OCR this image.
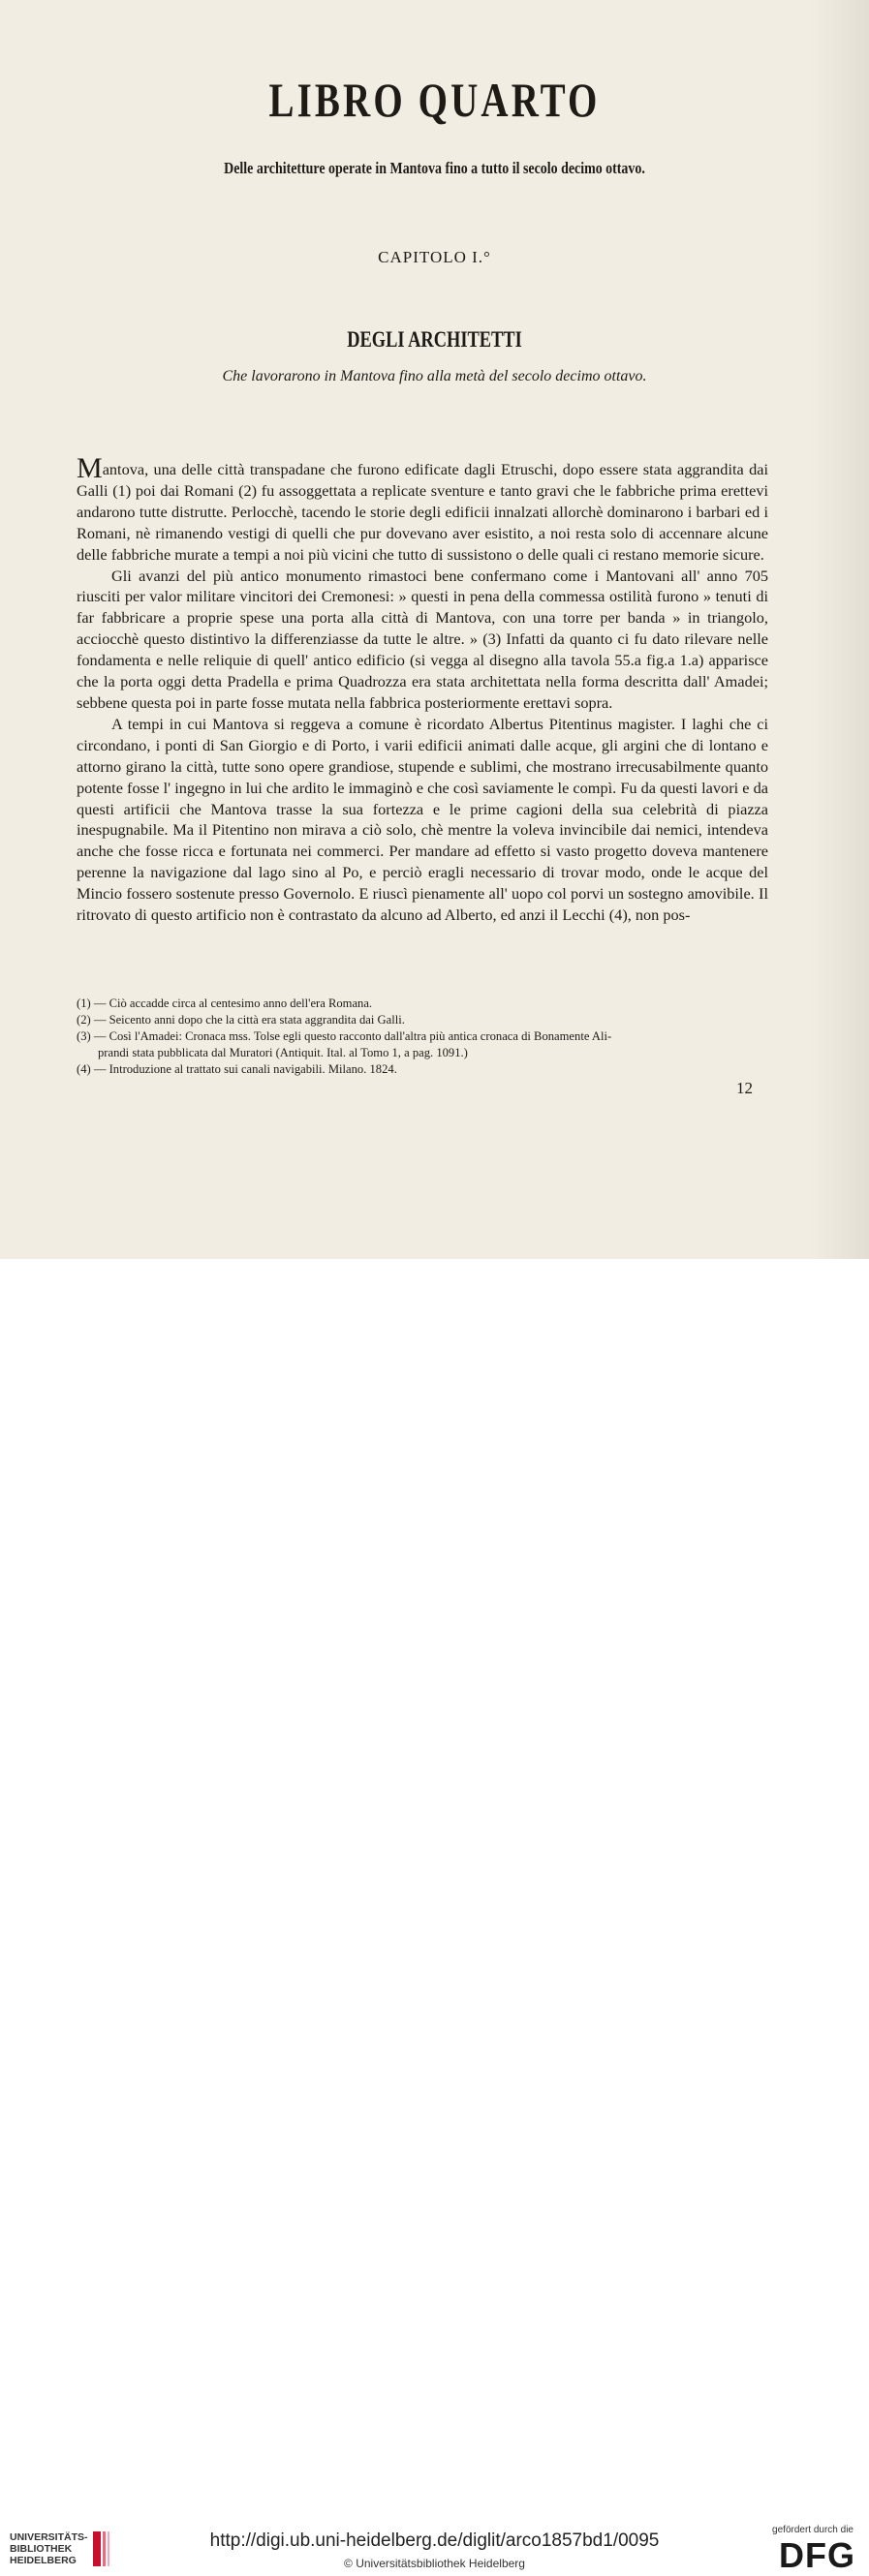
LIBRO QUARTO
Delle architetture operate in Mantova fino a tutto il secolo decimo ottavo.
CAPITOLO I.°
DEGLI ARCHITETTI
Che lavorarono in Mantova fino alla metà del secolo decimo ottavo.

Mantova, una delle città transpadane che furono edificate dagli Etruschi, dopo essere stata aggrandita dai Galli (1) poi dai Romani (2) fu assoggettata a replicate sventure e tanto gravi che le fabbriche prima erettevi andarono tutte distrutte. Perlocchè, tacendo le storie degli edificii innalzati allorchè dominarono i barbari ed i Romani, nè rimanendo vestigi di quelli che pur dovevano aver esistito, a noi resta solo di accennare alcune delle fabbriche murate a tempi a noi più vicini che tutto di sussistono o delle quali ci restano memorie sicure.

Gli avanzi del più antico monumento rimastoci bene confermano come i Mantovani all' anno 705 riusciti per valor militare vincitori dei Cremonesi: » questi in pena della commessa ostilità furono » tenuti di far fabbricare a proprie spese una porta alla città di Mantova, con una torre per banda » in triangolo, acciocchè questo distintivo la differenziasse da tutte le altre. » (3) Infatti da quanto ci fu dato rilevare nelle fondamenta e nelle reliquie di quell' antico edificio (si vegga al disegno alla tavola 55.a fig.a 1.a) apparisce che la porta oggi detta Pradella e prima Quadrozza era stata architettata nella forma descritta dall' Amadei; sebbene questa poi in parte fosse mutata nella fabbrica posteriormente erettavi sopra.

A tempi in cui Mantova si reggeva a comune è ricordato Albertus Pitentinus magister. I laghi che ci circondano, i ponti di San Giorgio e di Porto, i varii edificii animati dalle acque, gli argini che di lontano e attorno girano la città, tutte sono opere grandiose, stupende e sublimi, che mostrano irrecusabilmente quanto potente fosse l' ingegno in lui che ardito le immaginò e che così saviamente le compì. Fu da questi lavori e da questi artificii che Mantova trasse la sua fortezza e le prime cagioni della sua celebrità di piazza inespugnabile. Ma il Pitentino non mirava a ciò solo, chè mentre la voleva invincibile dai nemici, intendeva anche che fosse ricca e fortunata nei commerci. Per mandare ad effetto si vasto progetto doveva mantenere perenne la navigazione dal lago sino al Po, e perciò eragli necessario di trovar modo, onde le acque del Mincio fossero sostenute presso Governolo. E riuscì pienamente all' uopo col porvi un sostegno amovibile. Il ritrovato di questo artificio non è contrastato da alcuno ad Alberto, ed anzi il Lecchi (4), non pos-

(1) — Ciò accadde circa al centesimo anno dell'era Romana.
(2) — Seicento anni dopo che la città era stata aggrandita dai Galli.
(3) — Così l'Amadei: Cronaca mss. Tolse egli questo racconto dall'altra più antica cronaca di Bonamente Ali-
prandi stata pubblicata dal Muratori (Antiquit. Ital. al Tomo 1, a pag. 1091.)
(4) — Introduzione al trattato sui canali navigabili. Milano. 1824.
12
UNIVERSITÄTS-
BIBLIOTHEK
HEIDELBERG
http://digi.ub.uni-heidelberg.de/diglit/arco1857bd1/0095
© Universitätsbibliothek Heidelberg
gefördert durch die
DFG
